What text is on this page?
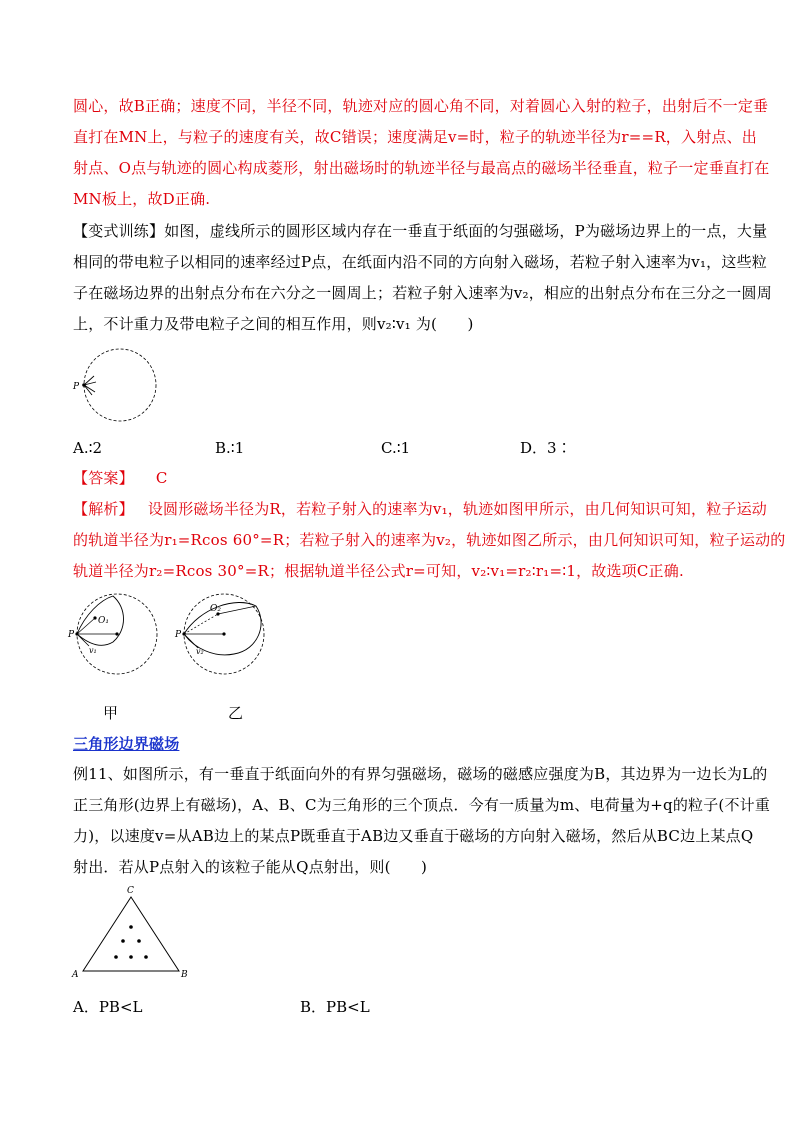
圆心，故B正确；速度不同，半径不同，轨迹对应的圆心角不同，对着圆心入射的粒子，出射后不一定垂
直打在MN上，与粒子的速度有关，故C错误；速度满足v=时，粒子的轨迹半径为r==R，入射点、出
射点、O点与轨迹的圆心构成菱形，射出磁场时的轨迹半径与最高点的磁场半径垂直，粒子一定垂直打在
MN板上，故D正确.
【变式训练】如图，虚线所示的圆形区域内存在一垂直于纸面的匀强磁场，P为磁场边界上的一点，大量
相同的带电粒子以相同的速率经过P点，在纸面内沿不同的方向射入磁场，若粒子射入速率为v₁，这些粒
子在磁场边界的出射点分布在六分之一圆周上；若粒子射入速率为v₂，相应的出射点分布在三分之一圆周
上，不计重力及带电粒子之间的相互作用，则v₂∶v₁ 为(　　)
P
A.∶2	B.∶1	C.∶1	D．3∶
【答案】 C
【解析】 设圆形磁场半径为R，若粒子射入的速率为v₁，轨迹如图甲所示，由几何知识可知，粒子运动
的轨道半径为r₁=Rcos 60°=R；若粒子射入的速率为v₂，轨迹如图乙所示，由几何知识可知，粒子运动的
轨道半径为r₂=Rcos 30°=R；根据轨道半径公式r=可知，v₂∶v₁=r₂∶r₁=∶1，故选项C正确.
P
O₁
v₁
P
O₂
v₂
甲	乙
三角形边界磁场
例11、如图所示，有一垂直于纸面向外的有界匀强磁场，磁场的磁感应强度为B，其边界为一边长为L的
正三角形(边界上有磁场)，A、B、C为三角形的三个顶点．今有一质量为m、电荷量为+q的粒子(不计重
力)，以速度v=从AB边上的某点P既垂直于AB边又垂直于磁场的方向射入磁场，然后从BC边上某点Q
射出．若从P点射入的该粒子能从Q点射出，则(　　)
A	B
C
A．PB<L	B．PB<L
